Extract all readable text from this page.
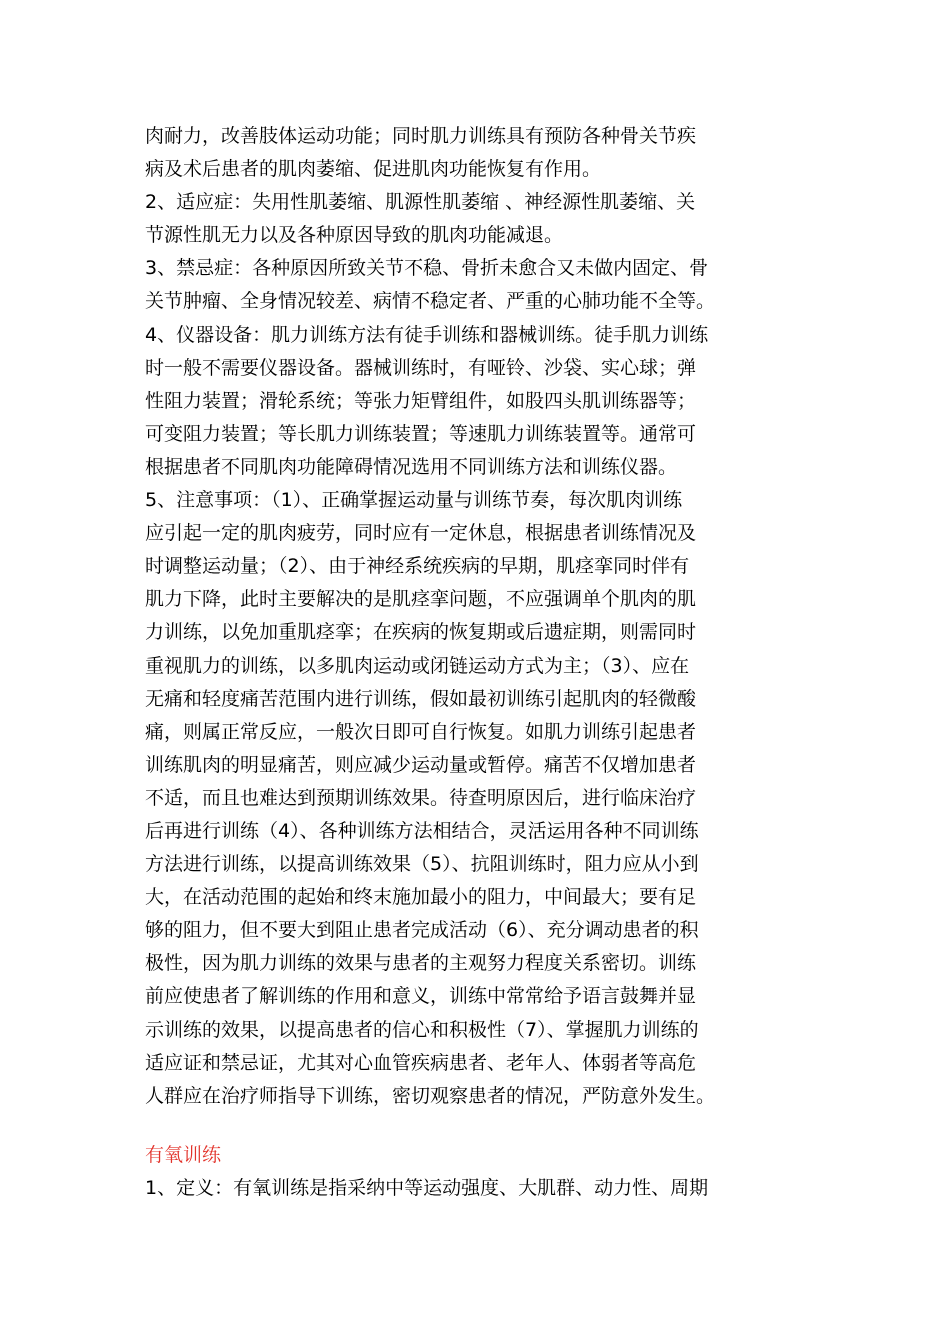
肉耐力，改善肢体运动功能；同时肌力训练具有预防各种骨关节疾
病及术后患者的肌肉萎缩、促进肌肉功能恢复有作用。
2、适应症：失用性肌萎缩、肌源性肌萎缩 、神经源性肌萎缩、关
节源性肌无力以及各种原因导致的肌肉功能减退。
3、禁忌症：各种原因所致关节不稳、骨折未愈合又未做内固定、骨
关节肿瘤、全身情况较差、病情不稳定者、严重的心肺功能不全等。
4、仪器设备：肌力训练方法有徒手训练和器械训练。徒手肌力训练
时一般不需要仪器设备。器械训练时，有哑铃、沙袋、实心球；弹
性阻力装置；滑轮系统；等张力矩臂组件，如股四头肌训练器等；
可变阻力装置；等长肌力训练装置；等速肌力训练装置等。通常可
根据患者不同肌肉功能障碍情况选用不同训练方法和训练仪器。
5、注意事项：（1）、正确掌握运动量与训练节奏，每次肌肉训练
应引起一定的肌肉疲劳，同时应有一定休息，根据患者训练情况及
时调整运动量；（2）、由于神经系统疾病的早期，肌痉挛同时伴有
肌力下降，此时主要解决的是肌痉挛问题，不应强调单个肌肉的肌
力训练，以免加重肌痉挛；在疾病的恢复期或后遗症期，则需同时
重视肌力的训练，以多肌肉运动或闭链运动方式为主；（3）、应在
无痛和轻度痛苦范围内进行训练，假如最初训练引起肌肉的轻微酸
痛，则属正常反应，一般次日即可自行恢复。如肌力训练引起患者
训练肌肉的明显痛苦，则应减少运动量或暂停。痛苦不仅增加患者
不适，而且也难达到预期训练效果。待查明原因后，进行临床治疗
后再进行训练（4）、各种训练方法相结合，灵活运用各种不同训练
方法进行训练，以提高训练效果（5）、抗阻训练时，阻力应从小到
大，在活动范围的起始和终末施加最小的阻力，中间最大；要有足
够的阻力，但不要大到阻止患者完成活动（6）、充分调动患者的积
极性，因为肌力训练的效果与患者的主观努力程度关系密切。训练
前应使患者了解训练的作用和意义，训练中常常给予语言鼓舞并显
示训练的效果，以提高患者的信心和积极性（7）、掌握肌力训练的
适应证和禁忌证，尤其对心血管疾病患者、老年人、体弱者等高危
人群应在治疗师指导下训练，密切观察患者的情况，严防意外发生。
有氧训练
1、定义：有氧训练是指采纳中等运动强度、大肌群、动力性、周期
